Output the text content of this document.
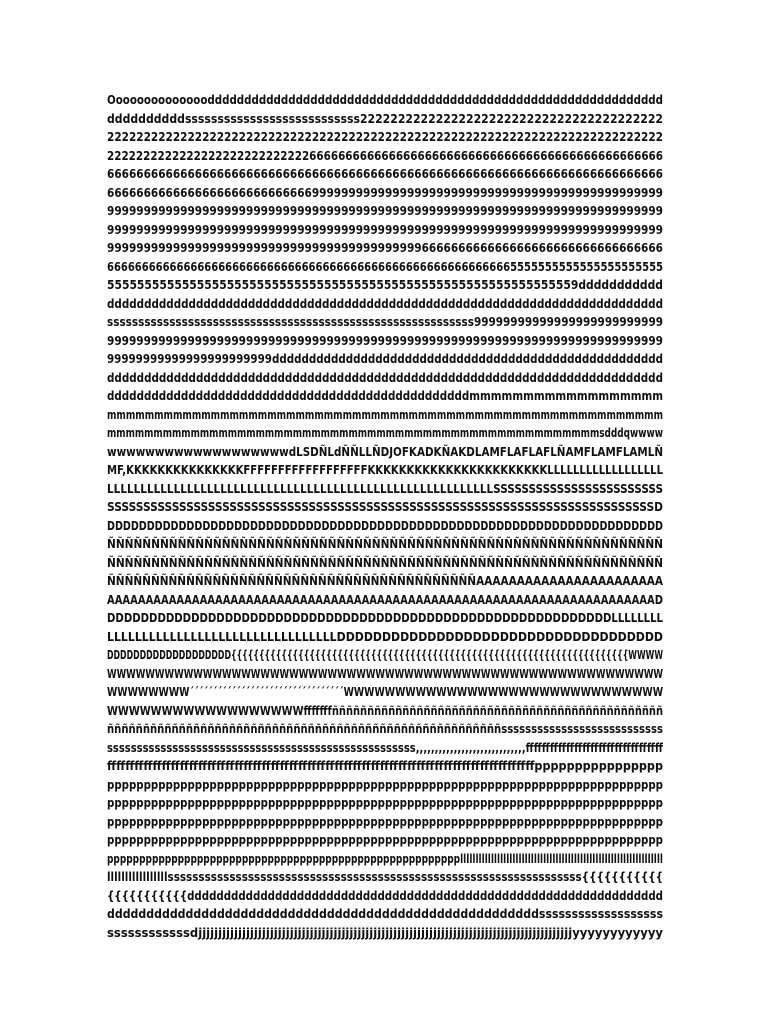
Oooooooooooooodddddddddddddddddddddddddddddddddddddddddddddddddddddddddddddd
ddddddddddsssssssssssssssssssssssssss2222222222222222222222222222222222222222
2222222222222222222222222222222222222222222222222222222222222222222222222222
22222222222222222222222222226666666666666666666666666666666666666666666666666
6666666666666666666666666666666666666666666666666666666666666666666666666666
6666666666666666666666666666999999999999999999999999999999999999999999999999
9999999999999999999999999999999999999999999999999999999999999999999999999999
9999999999999999999999999999999999999999999999999999999999999999999999999999
9999999999999999999999999999999999999999999666666666666666666666666666666666
66666666666666666666666666666666666666666666666666666666665555555555555555555555
555555555555555555555555555555555555555555555555555555555555559ddddddddddd
ddddddddddddddddddddddddddddddddddddddddddddddddddddddddddddddddddddddddddd
sssssssssssssssssssssssssssssssssssssssssssssssssssssssssss99999999999999999999999999
9999999999999999999999999999999999999999999999999999999999999999999999999999
99999999999999999999999ddddddddddddddddddddddddddddddddddddddddddddddddddddd
ddddddddddddddddddddddddddddddddddddddddddddddddddddddddddddddddddddddddddd
dddddddddddddddddddddddddddddddddddddddddddddddddmmmmmmmmmmmmmmmmmm
mmmmmmmmmmmmmmmmmmmmmmmmmmmmmmmmmmmmmmmmmmmmmmmmmmmmmmmmmmm
mmmmmmmmmmmmmmmmmmmmmmmmmmmmmmmmmmmmmmmmmmmmmmmmmmmmmsdddqwwww
wwwwwwwwwwwwwwwwwwwdLSDÑLdÑÑLLÑDJOFKADKÑAKDLAMFLAFLAFLÑAMFLAMFLAMLÑ
MF,KKKKKKKKKKKKKKKFFFFFFFFFFFFFFFFFFKKKKKKKKKKKKKKKKKKKKKKKLLLLLLLLLLLLLLLLLL
LLLLLLLLLLLLLLLLLLLLLLLLLLLLLLLLLLLLLLLLLLLLLLLLLLLLLLLLLLSSSSSSSSSSSSSSSSSSSSSSSS
SSSSSSSSSSSSSSSSSSSSSSSSSSSSSSSSSSSSSSSSSSSSSSSSSSSSSSSSSSSSSSSSSSSSSSSSSSSSD
DDDDDDDDDDDDDDDDDDDDDDDDDDDDDDDDDDDDDDDDDDDDDDDDDDDDDDDDDDDDDDDDDDDDDD
ÑÑÑÑÑÑÑÑÑÑÑÑÑÑÑÑÑÑÑÑÑÑÑÑÑÑÑÑÑÑÑÑÑÑÑÑÑÑÑÑÑÑÑÑÑÑÑÑÑÑÑÑÑÑÑÑÑÑÑÑÑÑÑ
ÑÑÑÑÑÑÑÑÑÑÑÑÑÑÑÑÑÑÑÑÑÑÑÑÑÑÑÑÑÑÑÑÑÑÑÑÑÑÑÑÑÑÑÑÑÑÑÑÑÑÑÑÑÑÑÑÑÑÑÑÑÑÑ
ÑÑÑÑÑÑÑÑÑÑÑÑÑÑÑÑÑÑÑÑÑÑÑÑÑÑÑÑÑÑÑÑÑÑÑÑÑÑÑÑÑÑAAAAAAAAAAAAAAAAAAAAAAA
AAAAAAAAAAAAAAAAAAAAAAAAAAAAAAAAAAAAAAAAAAAAAAAAAAAAAAAAAAAAAAAAAAAAAAAD
DDDDDDDDDDDDDDDDDDDDDDDDDDDDDDDDDDDDDDDDDDDDDDDDDDDDDDDDDDDDLLLLLLLL
LLLLLLLLLLLLLLLLLLLLLLLLLLLLLLLLLDDDDDDDDDDDDDDDDDDDDDDDDDDDDDDDDDDDD
DDDDDDDDDDDDDDDDDDD{{{{{{{{{{{{{{{{{{{{{{{{{{{{{{{{{{{{{{{{{{{{{{{{{{{{{{{{{{{{{{{{{{{{{{{WWWW
WWWWWWWWWWWWWWWWWWWWWWWWWWWWWWWWWWWWWWWWWWWWWWWWWWWWWWWWWW
WWWWWWWW´´´´´´´´´´´´´´´´´´´´´´´´´´´´´´´´´WWWWWWWWWWWWWWWWWWWWWWWWWWWWWWW
WWWWWWWWWWWWWWWWWWfffffffñññññññññññññññññññññññññññññññññññññññññññññññ
ñññññññññññññññññññññññññññññññññññññññññññññññññññññññsssssssssssssssssssssssssss
ssssssssssssssssssssssssssssssssssssssssssssssssssss,,,,,,,,,,,,,,,,,,,,,,,,,,,,,ffffffffffffffffffffffffffffffffff
ffffffffffffffffffffffffffffffffffffffffffffffffffffffffffffffffffffffffffffffffffffffffffffffpppppppppppppppp
pppppppppppppppppppppppppppppppppppppppppppppppppppppppppppppppppppppppppppp
pppppppppppppppppppppppppppppppppppppppppppppppppppppppppppppppppppppppppppp
pppppppppppppppppppppppppppppppppppppppppppppppppppppppppppppppppppppppppppp
pppppppppppppppppppppppppppppppppppppppppppppppppppppppppppppppppppppppppppp
pppppppppppppppppppppppppppppppppppppppppppppppppppppppllllllllllllllllllllllllllllllllllllllllllllllllllllllllllllllllll
lllllllllllllllllsssssssssssssssssssssssssssssssssssssssssssssssssssssssssssssssssss{{{{{{{{{{{
{{{{{{{{{{{ddddddddddddddddddddddddddddddddddddddddddddddddddddddddddddddddd
dddddddddddddddddddddddddddddddddddddddddddddddddddddddsssssssssssssssssss
ssssssssssssdjjjjjjjjjjjjjjjjjjjjjjjjjjjjjjjjjjjjjjjjjjjjjjjjjjjjjjjjjjjjjjjjjjjjjjjjjjjjjjjjjjjjjjjjjjjjjjyyyyyyyyyyyy
